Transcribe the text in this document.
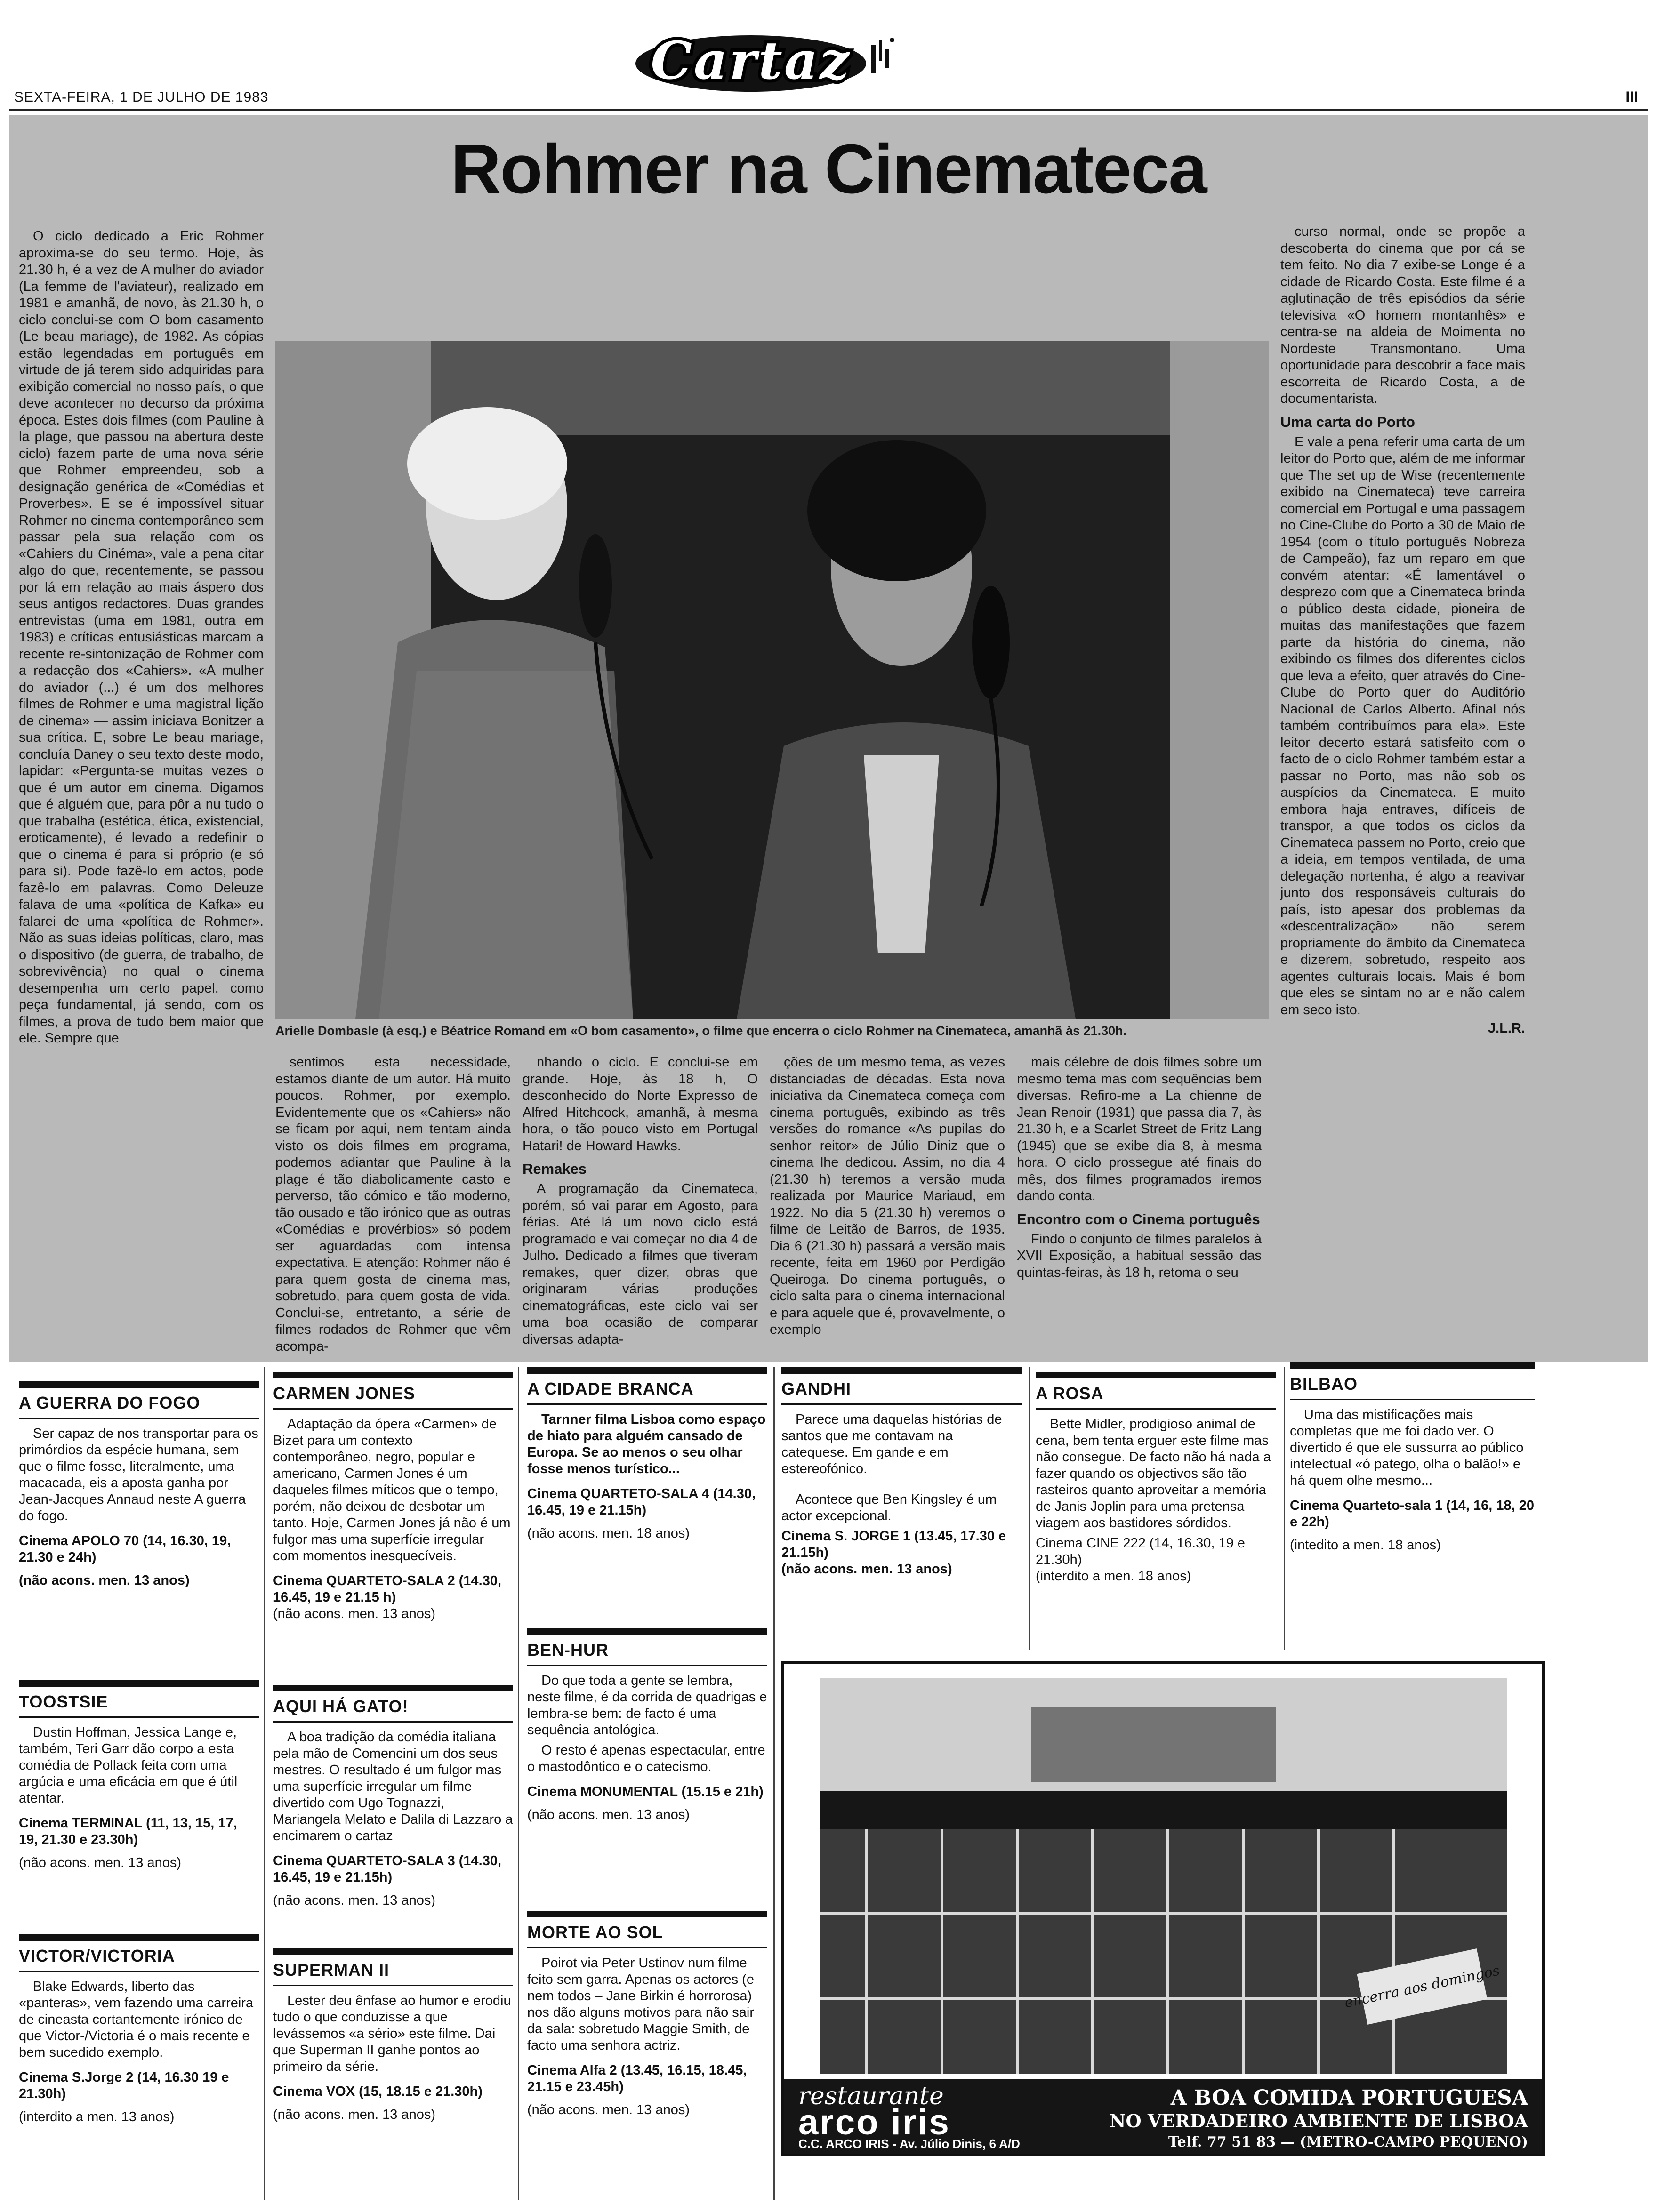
SEXTA-FEIRA, 1 DE JULHO DE 1983
Cartaz
III
Rohmer na Cinemateca

O ciclo dedicado a Eric Rohmer aproxima-se do seu termo. Hoje, às 21.30 h, é a vez de A mulher do aviador (La femme de l'aviateur), realizado em 1981 e amanhã, de novo, às 21.30 h, o ciclo conclui-se com O bom casamento (Le beau mariage), de 1982. As cópias estão legendadas em português em virtude de já terem sido adquiridas para exibição comercial no nosso país, o que deve acontecer no decurso da próxima época. Estes dois filmes (com Pauline à la plage, que passou na abertura deste ciclo) fazem parte de uma nova série que Rohmer empreendeu, sob a designação genérica de «Comédias et Proverbes». E se é impossível situar Rohmer no cinema contemporâneo sem passar pela sua relação com os «Cahiers du Cinéma», vale a pena citar algo do que, recentemente, se passou por lá em relação ao mais áspero dos seus antigos redactores. Duas grandes entrevistas (uma em 1981, outra em 1983) e críticas entusiásticas marcam a recente re-sintonização de Rohmer com a redacção dos «Cahiers». «A mulher do aviador (...) é um dos melhores filmes de Rohmer e uma magistral lição de cinema» — assim iniciava Bonitzer a sua crítica. E, sobre Le beau mariage, concluía Daney o seu texto deste modo, lapidar: «Pergunta-se muitas vezes o que é um autor em cinema. Digamos que é alguém que, para pôr a nu tudo o que trabalha (estética, ética, existencial, eroticamente), é levado a redefinir o que o cinema é para si próprio (e só para si). Pode fazê-lo em actos, pode fazê-lo em palavras. Como Deleuze falava de uma «política de Kafka» eu falarei de uma «política de Rohmer». Não as suas ideias políticas, claro, mas o dispositivo (de guerra, de trabalho, de sobrevivência) no qual o cinema desempenha um certo papel, como peça fundamental, já sendo, com os filmes, a prova de tudo bem maior que ele. Sempre que	Arielle Dombasle (à esq.) e Béatrice Romand em «O bom casamento», o filme que encerra o ciclo Rohmer na Cinemateca, amanhã às 21.30h.

sentimos esta necessidade, estamos diante de um autor. Há muito poucos. Rohmer, por exemplo. Evidentemente que os «Cahiers» não se ficam por aqui, nem tentam ainda visto os dois filmes em programa, podemos adiantar que Pauline à la plage é tão diabolicamente casto e perverso, tão cómico e tão moderno, tão ousado e tão irónico que as outras «Comédias e provérbios» só podem ser aguardadas com intensa expectativa. E atenção: Rohmer não é para quem gosta de cinema mas, sobretudo, para quem gosta de vida. Conclui-se, entretanto, a série de filmes rodados de Rohmer que vêm acompa-

nhando o ciclo. E conclui-se em grande. Hoje, às 18 h, O desconhecido do Norte Expresso de Alfred Hitchcock, amanhã, à mesma hora, o tão pouco visto em Portugal Hatari! de Howard Hawks.

Remakes

A programação da Cinemateca, porém, só vai parar em Agosto, para férias. Até lá um novo ciclo está programado e vai começar no dia 4 de Julho. Dedicado a filmes que tiveram remakes, quer dizer, obras que originaram várias produções cinematográficas, este ciclo vai ser uma boa ocasião de comparar diversas adapta-

ções de um mesmo tema, as vezes distanciadas de décadas. Esta nova iniciativa da Cinemateca começa com cinema português, exibindo as três versões do romance «As pupilas do senhor reitor» de Júlio Diniz que o cinema lhe dedicou. Assim, no dia 4 (21.30 h) teremos a versão muda realizada por Maurice Mariaud, em 1922. No dia 5 (21.30 h) veremos o filme de Leitão de Barros, de 1935. Dia 6 (21.30 h) passará a versão mais recente, feita em 1960 por Perdigão Queiroga. Do cinema português, o ciclo salta para o cinema internacional e para aquele que é, provavelmente, o exemplo

mais célebre de dois filmes sobre um mesmo tema mas com sequências bem diversas. Refiro-me a La chienne de Jean Renoir (1931) que passa dia 7, às 21.30 h, e a Scarlet Street de Fritz Lang (1945) que se exibe dia 8, à mesma hora. O ciclo prossegue até finais do mês, dos filmes programados iremos dando conta.

Encontro com o Cinema português

Findo o conjunto de filmes paralelos à XVII Exposição, a habitual sessão das quintas-feiras, às 18 h, retoma o seu

curso normal, onde se propõe a descoberta do cinema que por cá se tem feito. No dia 7 exibe-se Longe é a cidade de Ricardo Costa. Este filme é a aglutinação de três episódios da série televisiva «O homem montanhês» e centra-se na aldeia de Moimenta no Nordeste Transmontano. Uma oportunidade para descobrir a face mais escorreita de Ricardo Costa, a de documentarista.

Uma carta do Porto

E vale a pena referir uma carta de um leitor do Porto que, além de me informar que The set up de Wise (recentemente exibido na Cinemateca) teve carreira comercial em Portugal e uma passagem no Cine-Clube do Porto a 30 de Maio de 1954 (com o título português Nobreza de Campeão), faz um reparo em que convém atentar: «É lamentável o desprezo com que a Cinemateca brinda o público desta cidade, pioneira de muitas das manifestações que fazem parte da história do cinema, não exibindo os filmes dos diferentes ciclos que leva a efeito, quer através do Cine-Clube do Porto quer do Auditório Nacional de Carlos Alberto. Afinal nós também contribuímos para ela». Este leitor decerto estará satisfeito com o facto de o ciclo Rohmer também estar a passar no Porto, mas não sob os auspícios da Cinemateca. E muito embora haja entraves, difíceis de transpor, a que todos os ciclos da Cinemateca passem no Porto, creio que a ideia, em tempos ventilada, de uma delegação nortenha, é algo a reavivar junto dos responsáveis culturais do país, isto apesar dos problemas da «descentralização» não serem propriamente do âmbito da Cinemateca e dizerem, sobretudo, respeito aos agentes culturais locais. Mais é bom que eles se sintam no ar e não calem em seco isto.

J.L.R.
A GUERRA DO FOGO

Ser capaz de nos transportar para os primórdios da espécie humana, sem que o filme fosse, literalmente, uma macacada, eis a aposta ganha por Jean-Jacques Annaud neste A guerra do fogo.

Cinema APOLO 70 (14, 16.30, 19, 21.30 e 24h)
(não acons. men. 13 anos)
CARMEN JONES

Adaptação da ópera «Carmen» de Bizet para um contexto contemporâneo, negro, popular e americano, Carmen Jones é um daqueles filmes míticos que o tempo, porém, não deixou de desbotar um tanto. Hoje, Carmen Jones já não é um fulgor mas uma superfície irregular com momentos inesquecíveis.

Cinema QUARTETO-SALA 2 (14.30, 16.45, 19 e 21.15 h)
(não acons. men. 13 anos)
A CIDADE BRANCA

Tarnner filma Lisboa como espaço de hiato para alguém cansado de Europa. Se ao menos o seu olhar fosse menos turístico...

Cinema QUARTETO-SALA 4 (14.30, 16.45, 19 e 21.15h)
(não acons. men. 18 anos)
GANDHI

Parece uma daquelas histórias de santos que me contavam na catequese. Em gande e em estereofónico.

Acontece que Ben Kingsley é um actor excepcional.

Cinema S. JORGE 1 (13.45, 17.30 e 21.15h)
(não acons. men. 13 anos)
A ROSA

Bette Midler, prodigioso animal de cena, bem tenta erguer este filme mas não consegue. De facto não há nada a fazer quando os objectivos são tão rasteiros quanto aproveitar a memória de Janis Joplin para uma pretensa viagem aos bastidores sórdidos.

Cinema CINE 222 (14, 16.30, 19 e 21.30h)
(interdito a men. 18 anos)
BILBAO

Uma das mistificações mais completas que me foi dado ver. O divertido é que ele sussurra ao público intelectual «ó patego, olha o balão!» e há quem olhe mesmo...

Cinema Quarteto-sala 1 (14, 16, 18, 20 e 22h)
(intedito a men. 18 anos)
BEN-HUR

Do que toda a gente se lembra, neste filme, é da corrida de quadrigas e lembra-se bem: de facto é uma sequência antológica.

O resto é apenas espectacular, entre o mastodôntico e o catecismo.

Cinema MONUMENTAL (15.15 e 21h)
(não acons. men. 13 anos)
TOOSTSIE

Dustin Hoffman, Jessica Lange e, também, Teri Garr dão corpo a esta comédia de Pollack feita com uma argúcia e uma eficácia em que é útil atentar.

Cinema TERMINAL (11, 13, 15, 17, 19, 21.30 e 23.30h)
(não acons. men. 13 anos)
AQUI HÁ GATO!

A boa tradição da comédia italiana pela mão de Comencini um dos seus mestres. O resultado é um fulgor mas uma superfície irregular um filme divertido com Ugo Tognazzi, Mariangela Melato e Dalila di Lazzaro a encimarem o cartaz

Cinema QUARTETO-SALA 3 (14.30, 16.45, 19 e 21.15h)
(não acons. men. 13 anos)
MORTE AO SOL

Poirot via Peter Ustinov num filme feito sem garra. Apenas os actores (e nem todos – Jane Birkin é horrorosa) nos dão alguns motivos para não sair da sala: sobretudo Maggie Smith, de facto uma senhora actriz.

Cinema Alfa 2 (13.45, 16.15, 18.45, 21.15 e 23.45h)
(não acons. men. 13 anos)
VICTOR/VICTORIA

Blake Edwards, liberto das «panteras», vem fazendo uma carreira de cineasta cortantemente irónico de que Victor-/Victoria é o mais recente e bem sucedido exemplo.

Cinema S.Jorge 2 (14, 16.30 19 e 21.30h)
(interdito a men. 13 anos)
SUPERMAN II

Lester deu ênfase ao humor e erodiu tudo o que conduzisse a que levássemos «a sério» este filme. Dai que Superman II ganhe pontos ao primeiro da série.

Cinema VOX (15, 18.15 e 21.30h)
(não acons. men. 13 anos)
encerra aos domingos
restaurante
arco iris
C.C. ARCO IRIS - Av. Júlio Dinis, 6 A/D
A BOA COMIDA PORTUGUESA
NO VERDADEIRO AMBIENTE DE LISBOA
Telf. 77 51 83 — (METRO-CAMPO PEQUENO)
